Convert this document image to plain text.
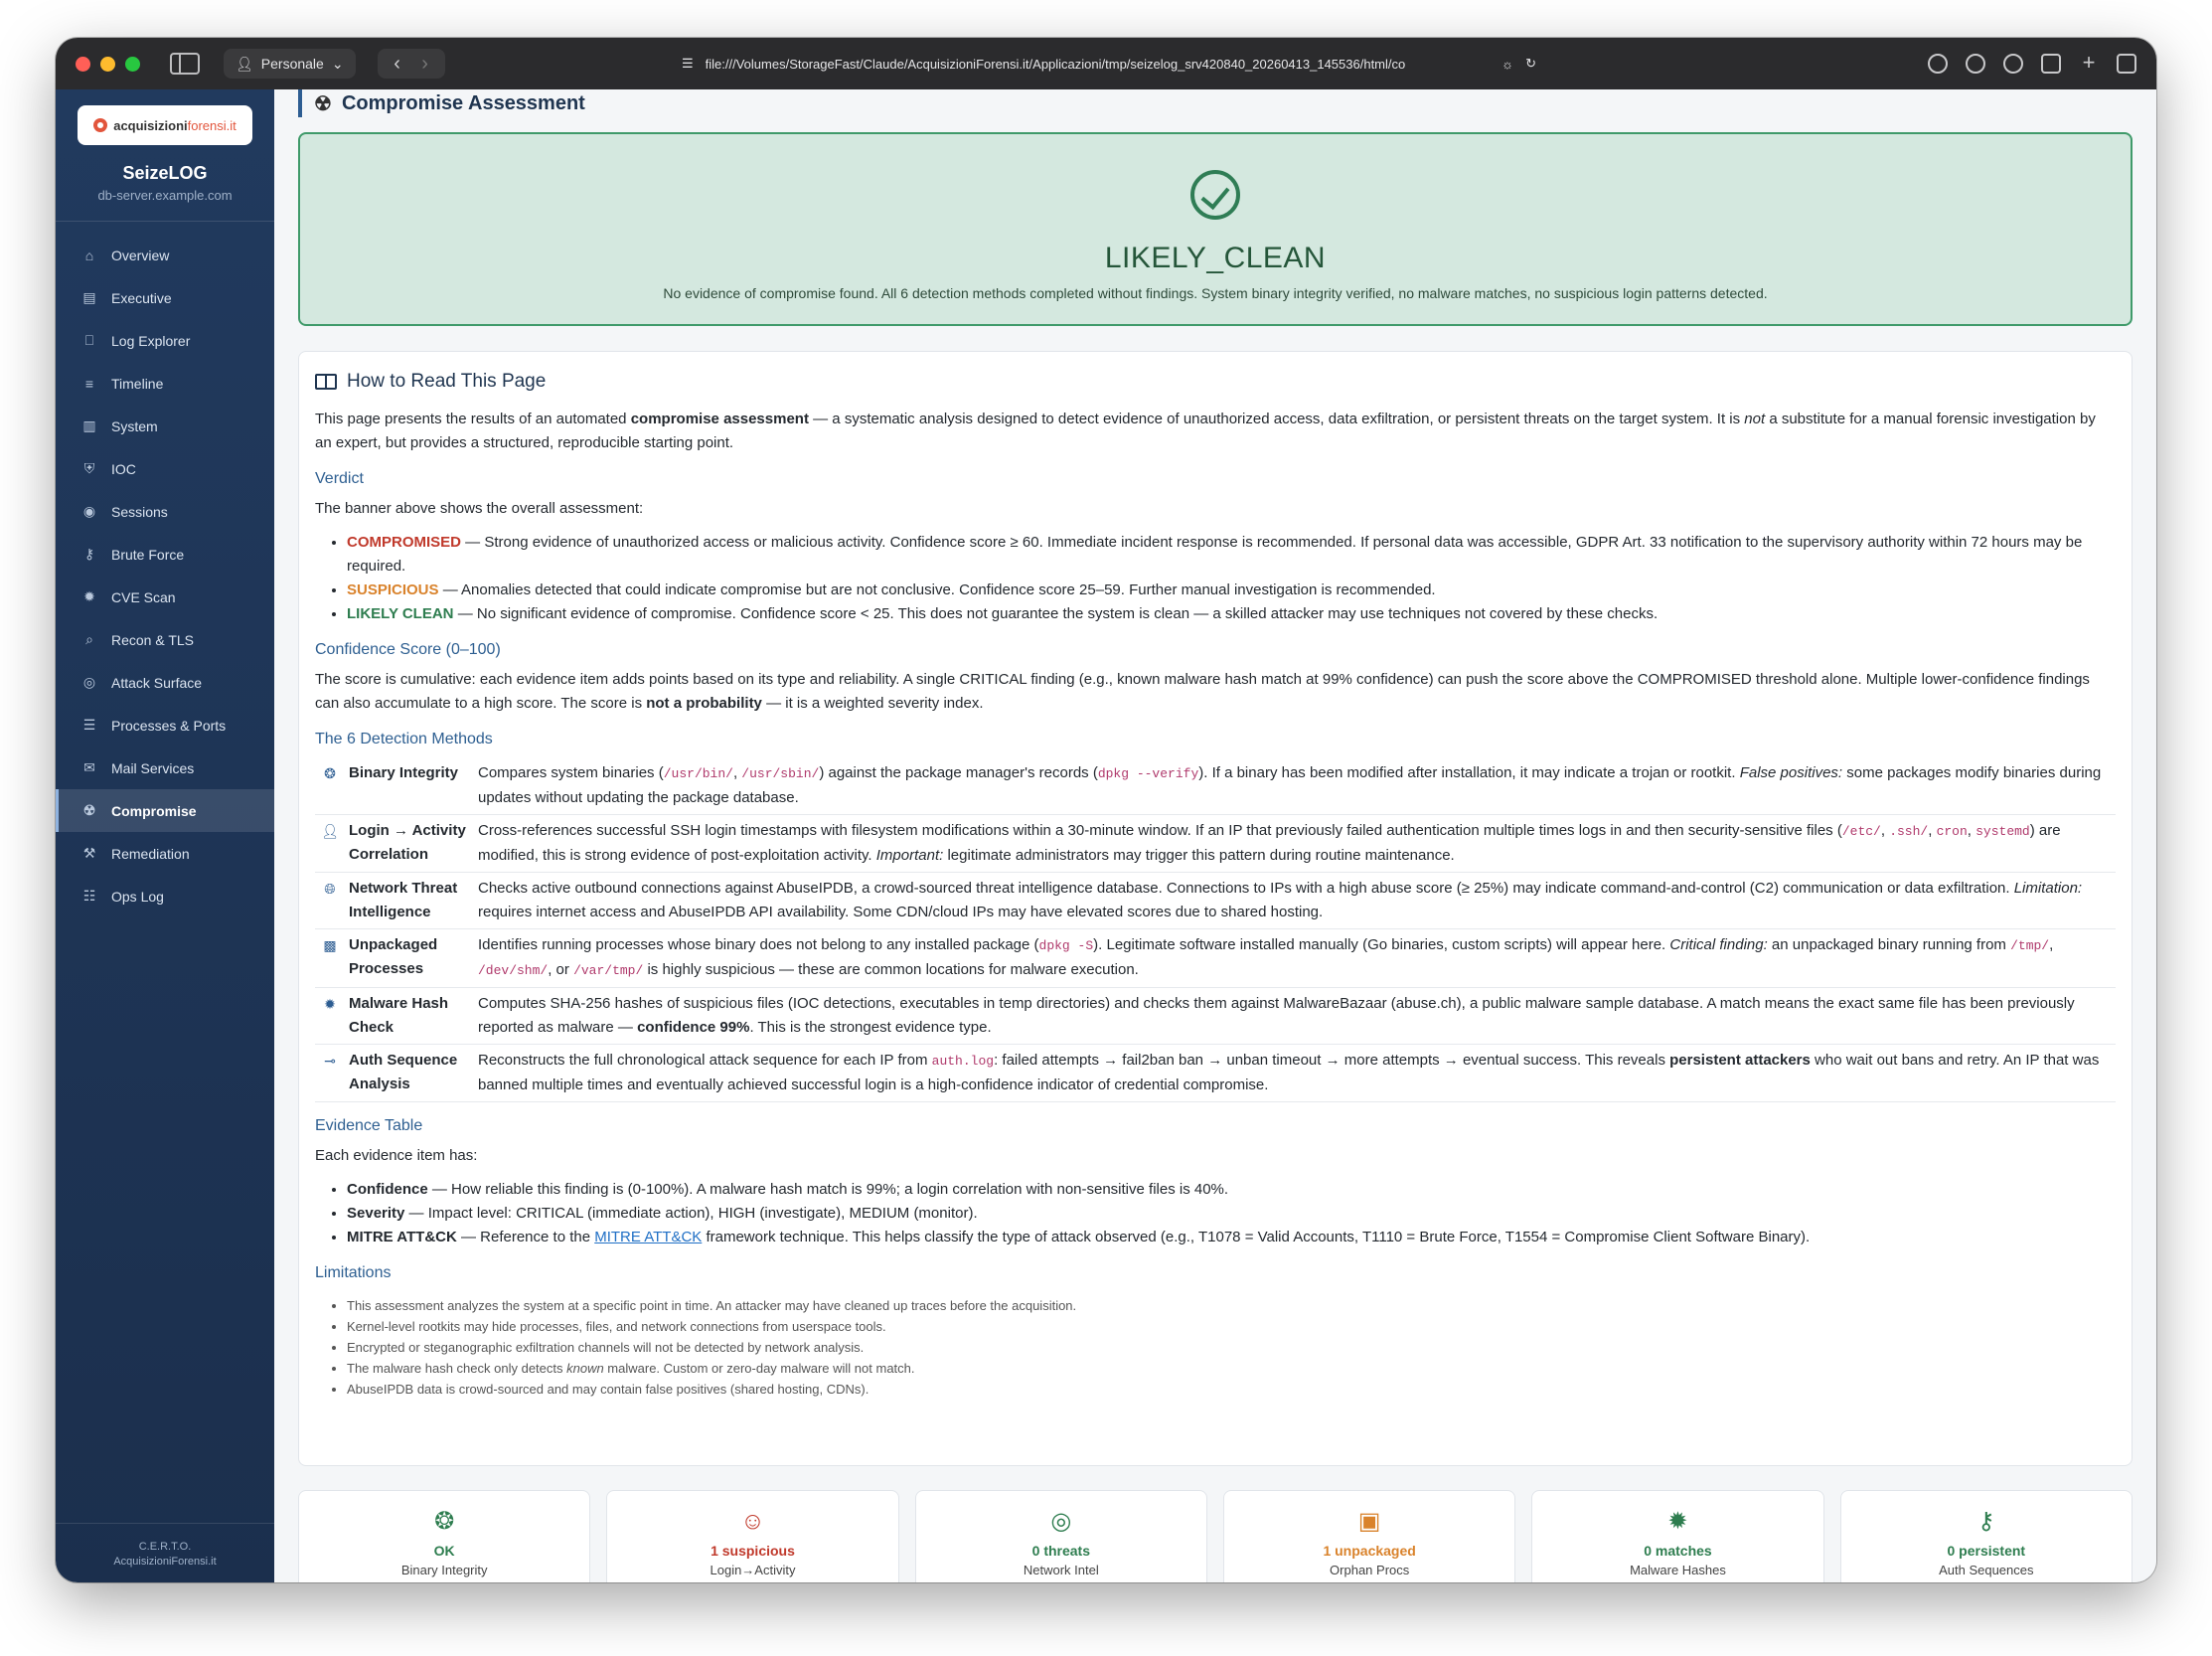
👤︎ Personale ⌄	‹	›	☰ file:///Volumes/StorageFast/Claude/AcquisizioniForensi.it/Applicazioni/tmp/seizelog_srv420840_20260413_145536/html/co	☼ ↻	+
acquisizioniforensi.it
SeizeLOG
db-server.example.com
⌂ Overview
▤ Executive
⎕ Log Explorer
≡ Timeline
▥ System
⛨ IOC
◉ Sessions
⚷ Brute Force
✹ CVE Scan
⌕ Recon & TLS
◎ Attack Surface
☰ Processes & Ports
✉ Mail Services
☢ Compromise
⚒ Remediation
☷ Ops Log
C.E.R.T.O.
AcquisizioniForensi.it
☢ Compromise Assessment
LIKELY_CLEAN
No evidence of compromise found. All 6 detection methods completed without findings. System binary integrity verified, no malware matches, no suspicious login patterns detected.
How to Read This Page

This page presents the results of an automated compromise assessment — a systematic analysis designed to detect evidence of unauthorized access, data exfiltration, or persistent threats on the target system. It is not a substitute for a manual forensic investigation by an expert, but provides a structured, reproducible starting point.

Verdict

The banner above shows the overall assessment:

• COMPROMISED — Strong evidence of unauthorized access or malicious activity. Confidence score ≥ 60. Immediate incident response is recommended. If personal data was accessible, GDPR Art. 33 notification to the supervisory authority within 72 hours may be required.
• SUSPICIOUS — Anomalies detected that could indicate compromise but are not conclusive. Confidence score 25–59. Further manual investigation is recommended.
• LIKELY CLEAN — No significant evidence of compromise. Confidence score < 25. This does not guarantee the system is clean — a skilled attacker may use techniques not covered by these checks.
Confidence Score (0–100)

The score is cumulative: each evidence item adds points based on its type and reliability. A single CRITICAL finding (e.g., known malware hash match at 99% confidence) can push the score above the COMPROMISED threshold alone. Multiple lower-confidence findings can also accumulate to a high score. The score is not a probability — it is a weighted severity index.

The 6 Detection Methods
❂	Binary Integrity	Compares system binaries (/usr/bin/, /usr/sbin/) against the package manager's records (dpkg --verify). If a binary has been modified after installation, it may indicate a trojan or rootkit. False positives: some packages modify binaries during updates without updating the package database.
👤︎	Login → Activity Correlation	Cross-references successful SSH login timestamps with filesystem modifications within a 30-minute window. If an IP that previously failed authentication multiple times logs in and then security-sensitive files (/etc/, .ssh/, cron, systemd) are modified, this is strong evidence of post-exploitation activity. Important: legitimate administrators may trigger this pattern during routine maintenance.
🌐︎	Network Threat Intelligence	Checks active outbound connections against AbuseIPDB, a crowd-sourced threat intelligence database. Connections to IPs with a high abuse score (≥ 25%) may indicate command-and-control (C2) communication or data exfiltration. Limitation: requires internet access and AbuseIPDB API availability. Some CDN/cloud IPs may have elevated scores due to shared hosting.
▩	Unpackaged Processes	Identifies running processes whose binary does not belong to any installed package (dpkg -S). Legitimate software installed manually (Go binaries, custom scripts) will appear here. Critical finding: an unpackaged binary running from /tmp/, /dev/shm/, or /var/tmp/ is highly suspicious — these are common locations for malware execution.
✹	Malware Hash Check	Computes SHA-256 hashes of suspicious files (IOC detections, executables in temp directories) and checks them against MalwareBazaar (abuse.ch), a public malware sample database. A match means the exact same file has been previously reported as malware — confidence 99%. This is the strongest evidence type.
⊸	Auth Sequence Analysis	Reconstructs the full chronological attack sequence for each IP from auth.log: failed attempts → fail2ban ban → unban timeout → more attempts → eventual success. This reveals persistent attackers who wait out bans and retry. An IP that was banned multiple times and eventually achieved successful login is a high-confidence indicator of credential compromise.
Evidence Table

Each evidence item has:

• Confidence — How reliable this finding is (0-100%). A malware hash match is 99%; a login correlation with non-sensitive files is 40%.
• Severity — Impact level: CRITICAL (immediate action), HIGH (investigate), MEDIUM (monitor).
• MITRE ATT&CK — Reference to the MITRE ATT&CK framework technique. This helps classify the type of attack observed (e.g., T1078 = Valid Accounts, T1110 = Brute Force, T1554 = Compromise Client Software Binary).
Limitations
• This assessment analyzes the system at a specific point in time. An attacker may have cleaned up traces before the acquisition.
• Kernel-level rootkits may hide processes, files, and network connections from userspace tools.
• Encrypted or steganographic exfiltration channels will not be detected by network analysis.
• The malware hash check only detects known malware. Custom or zero-day malware will not match.
• AbuseIPDB data is crowd-sourced and may contain false positives (shared hosting, CDNs).
❂
OK
Binary Integrity
☺
1 suspicious
Login→Activity
◎
0 threats
Network Intel
▣
1 unpackaged
Orphan Procs
✹
0 matches
Malware Hashes
⚷
0 persistent
Auth Sequences
